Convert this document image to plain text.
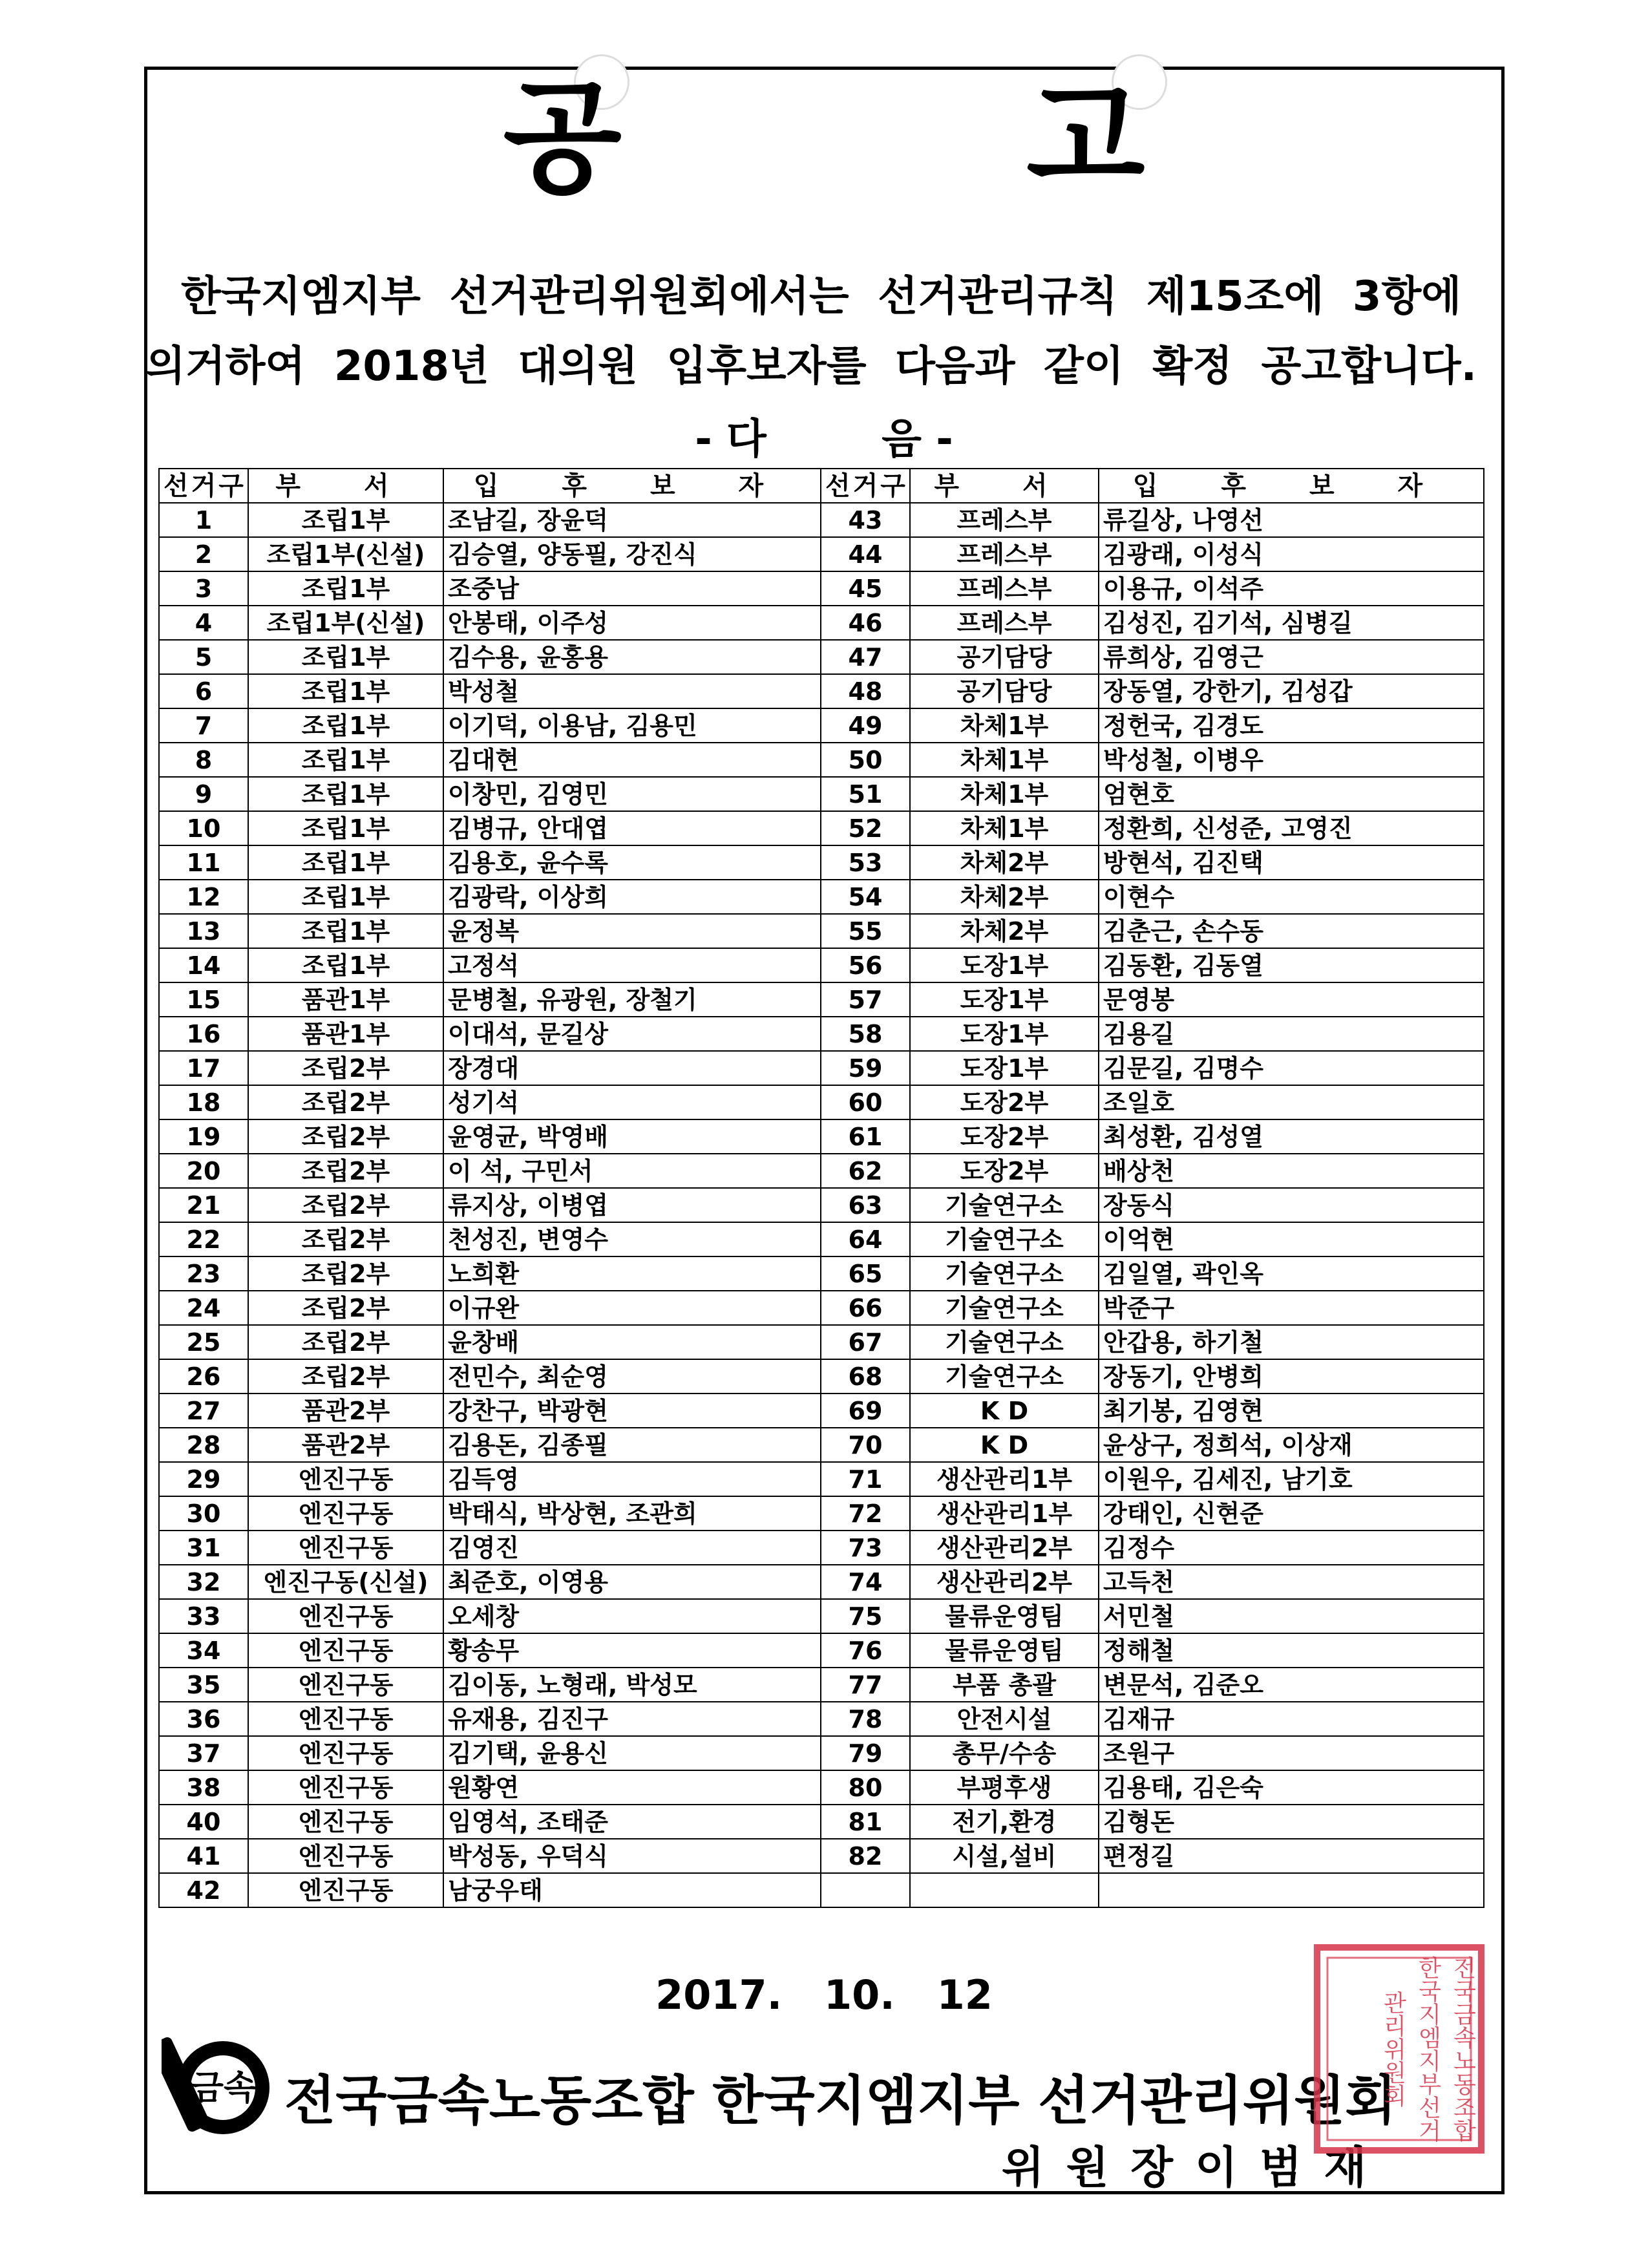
공 고
한국지엠지부  선거관리위원회에서는  선거관리규칙  제15조에  3항에
의거하여  2018년  대의원  입후보자를  다음과  같이  확정  공고합니다.
- 다        음 -
선거구	부 서	입 후 보 자	선거구	부 서	입 후 보 자
1	조립1부	조남길, 장윤덕	43	프레스부	류길상, 나영선
2	조립1부(신설)	김승열, 양동필, 강진식	44	프레스부	김광래, 이성식
3	조립1부	조중남	45	프레스부	이용규, 이석주
4	조립1부(신설)	안봉태, 이주성	46	프레스부	김성진, 김기석, 심병길
5	조립1부	김수용, 윤홍용	47	공기담당	류희상, 김영근
6	조립1부	박성철	48	공기담당	장동열, 강한기, 김성갑
7	조립1부	이기덕, 이용남, 김용민	49	차체1부	정헌국, 김경도
8	조립1부	김대현	50	차체1부	박성철, 이병우
9	조립1부	이창민, 김영민	51	차체1부	엄현호
10	조립1부	김병규, 안대엽	52	차체1부	정환희, 신성준, 고영진
11	조립1부	김용호, 윤수록	53	차체2부	방현석, 김진택
12	조립1부	김광락, 이상희	54	차체2부	이현수
13	조립1부	윤정복	55	차체2부	김춘근, 손수동
14	조립1부	고정석	56	도장1부	김동환, 김동열
15	품관1부	문병철, 유광원, 장철기	57	도장1부	문영봉
16	품관1부	이대석, 문길상	58	도장1부	김용길
17	조립2부	장경대	59	도장1부	김문길, 김명수
18	조립2부	성기석	60	도장2부	조일호
19	조립2부	윤영균, 박영배	61	도장2부	최성환, 김성열
20	조립2부	이 석, 구민서	62	도장2부	배상천
21	조립2부	류지상, 이병엽	63	기술연구소	장동식
22	조립2부	천성진, 변영수	64	기술연구소	이억현
23	조립2부	노희환	65	기술연구소	김일열, 곽인옥
24	조립2부	이규완	66	기술연구소	박준구
25	조립2부	윤창배	67	기술연구소	안갑용, 하기철
26	조립2부	전민수, 최순영	68	기술연구소	장동기, 안병희
27	품관2부	강찬구, 박광현	69	K D	최기봉, 김영현
28	품관2부	김용돈, 김종필	70	K D	윤상구, 정희석, 이상재
29	엔진구동	김득영	71	생산관리1부	이원우, 김세진, 남기호
30	엔진구동	박태식, 박상현, 조관희	72	생산관리1부	강태인, 신현준
31	엔진구동	김영진	73	생산관리2부	김정수
32	엔진구동(신설)	최준호, 이영용	74	생산관리2부	고득천
33	엔진구동	오세창	75	물류운영팀	서민철
34	엔진구동	황송무	76	물류운영팀	정해철
35	엔진구동	김이동, 노형래, 박성모	77	부품 총괄	변문석, 김준오
36	엔진구동	유재용, 김진구	78	안전시설	김재규
37	엔진구동	김기택, 윤용신	79	총무/수송	조원구
38	엔진구동	원황연	80	부평후생	김용태, 김은숙
40	엔진구동	임영석, 조태준	81	전기,환경	김형돈
41	엔진구동	박성동, 우덕식	82	시설,설비	편정길
42	엔진구동	남궁우태			
2017.   10.   12
금속 전국금속노동조합 한국지엠지부 선거관리위원회
위원장이범재
전국금속노동조합한국지엠지부선거관리위원회
